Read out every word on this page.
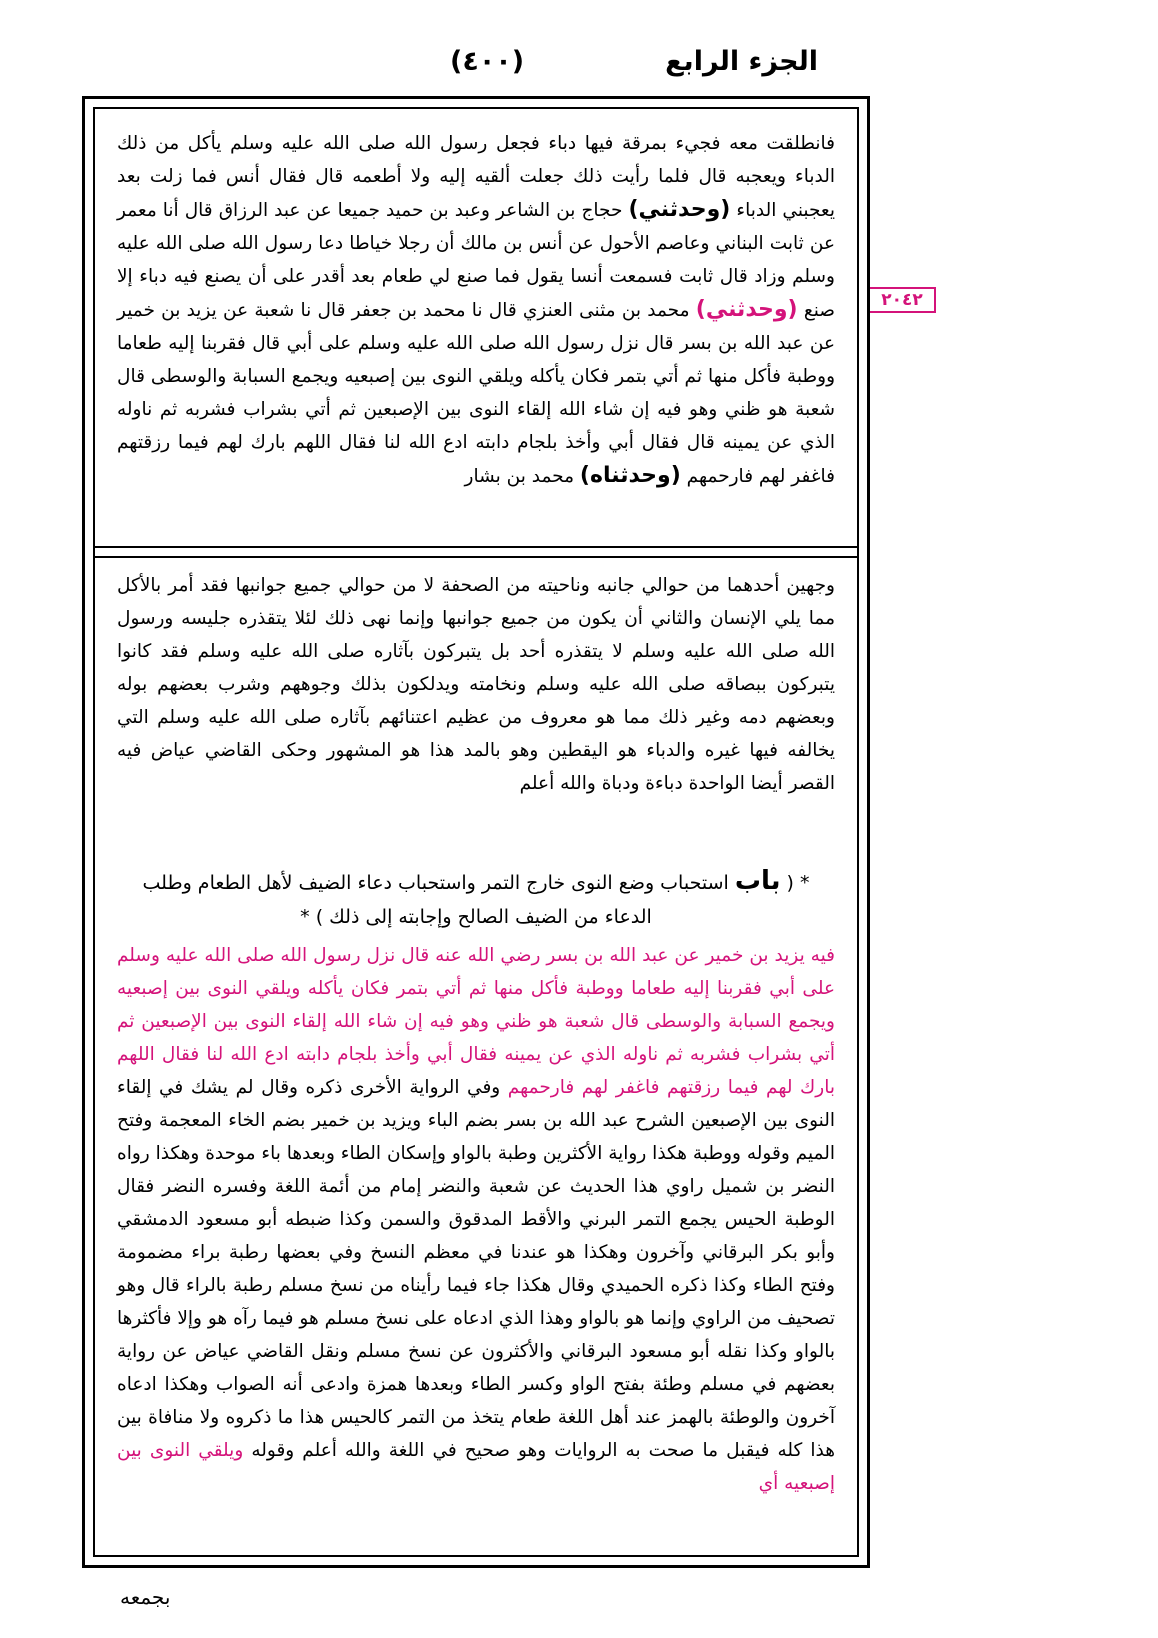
الجزء الرابع
(٤٠٠)
٢٠٤٢
فانطلقت معه فجيء بمرقة فيها دباء فجعل رسول الله صلى الله عليه وسلم يأكل من ذلك الدباء ويعجبه قال فلما رأيت ذلك جعلت ألقيه إليه ولا أطعمه قال فقال أنس فما زلت بعد يعجبني الدباء (وحدثني) حجاج بن الشاعر وعبد بن حميد جميعا عن عبد الرزاق قال أنا معمر عن ثابت البناني وعاصم الأحول عن أنس بن مالك أن رجلا خياطا دعا رسول الله صلى الله عليه وسلم وزاد قال ثابت فسمعت أنسا يقول فما صنع لي طعام بعد أقدر على أن يصنع فيه دباء إلا صنع (وحدثني) محمد بن مثنى العنزي قال نا محمد بن جعفر قال نا شعبة عن يزيد بن خمير عن عبد الله بن بسر قال نزل رسول الله صلى الله عليه وسلم على أبي قال فقربنا إليه طعاما ووطبة فأكل منها ثم أتي بتمر فكان يأكله ويلقي النوى بين إصبعيه ويجمع السبابة والوسطى قال شعبة هو ظني وهو فيه إن شاء الله إلقاء النوى بين الإصبعين ثم أتي بشراب فشربه ثم ناوله الذي عن يمينه قال فقال أبي وأخذ بلجام دابته ادع الله لنا فقال اللهم بارك لهم فيما رزقتهم فاغفر لهم فارحمهم (وحدثناه) محمد بن بشار
وجهين أحدهما من حوالي جانبه وناحيته من الصحفة لا من حوالي جميع جوانبها فقد أمر بالأكل مما يلي الإنسان والثاني أن يكون من جميع جوانبها وإنما نهى ذلك لئلا يتقذره جليسه ورسول الله صلى الله عليه وسلم لا يتقذره أحد بل يتبركون بآثاره صلى الله عليه وسلم فقد كانوا يتبركون ببصاقه صلى الله عليه وسلم ونخامته ويدلكون بذلك وجوههم وشرب بعضهم بوله وبعضهم دمه وغير ذلك مما هو معروف من عظيم اعتنائهم بآثاره صلى الله عليه وسلم التي يخالفه فيها غيره والدباء هو اليقطين وهو بالمد هذا هو المشهور وحكى القاضي عياض فيه القصر أيضا الواحدة دباءة ودباة والله أعلم
* ( باب استحباب وضع النوى خارج التمر واستحباب دعاء الضيف لأهل الطعام وطلب الدعاء من الضيف الصالح وإجابته إلى ذلك ) *
فيه يزيد بن خمير عن عبد الله بن بسر رضي الله عنه قال نزل رسول الله صلى الله عليه وسلم على أبي فقربنا إليه طعاما ووطبة فأكل منها ثم أتي بتمر فكان يأكله ويلقي النوى بين إصبعيه ويجمع السبابة والوسطى قال شعبة هو ظني وهو فيه إن شاء الله إلقاء النوى بين الإصبعين ثم أتي بشراب فشربه ثم ناوله الذي عن يمينه فقال أبي وأخذ بلجام دابته ادع الله لنا فقال اللهم بارك لهم فيما رزقتهم فاغفر لهم فارحمهم وفي الرواية الأخرى ذكره وقال لم يشك في إلقاء النوى بين الإصبعين الشرح عبد الله بن بسر بضم الباء ويزيد بن خمير بضم الخاء المعجمة وفتح الميم وقوله ووطبة هكذا رواية الأكثرين وطبة بالواو وإسكان الطاء وبعدها باء موحدة وهكذا رواه النضر بن شميل راوي هذا الحديث عن شعبة والنضر إمام من أئمة اللغة وفسره النضر فقال الوطبة الحيس يجمع التمر البرني والأقط المدقوق والسمن وكذا ضبطه أبو مسعود الدمشقي وأبو بكر البرقاني وآخرون وهكذا هو عندنا في معظم النسخ وفي بعضها رطبة براء مضمومة وفتح الطاء وكذا ذكره الحميدي وقال هكذا جاء فيما رأيناه من نسخ مسلم رطبة بالراء قال وهو تصحيف من الراوي وإنما هو بالواو وهذا الذي ادعاه على نسخ مسلم هو فيما رآه هو وإلا فأكثرها بالواو وكذا نقله أبو مسعود البرقاني والأكثرون عن نسخ مسلم ونقل القاضي عياض عن رواية بعضهم في مسلم وطئة بفتح الواو وكسر الطاء وبعدها همزة وادعى أنه الصواب وهكذا ادعاه آخرون والوطئة بالهمز عند أهل اللغة طعام يتخذ من التمر كالحيس هذا ما ذكروه ولا منافاة بين هذا كله فيقبل ما صحت به الروايات وهو صحيح في اللغة والله أعلم وقوله ويلقي النوى بين إصبعيه أي
بجمعه
